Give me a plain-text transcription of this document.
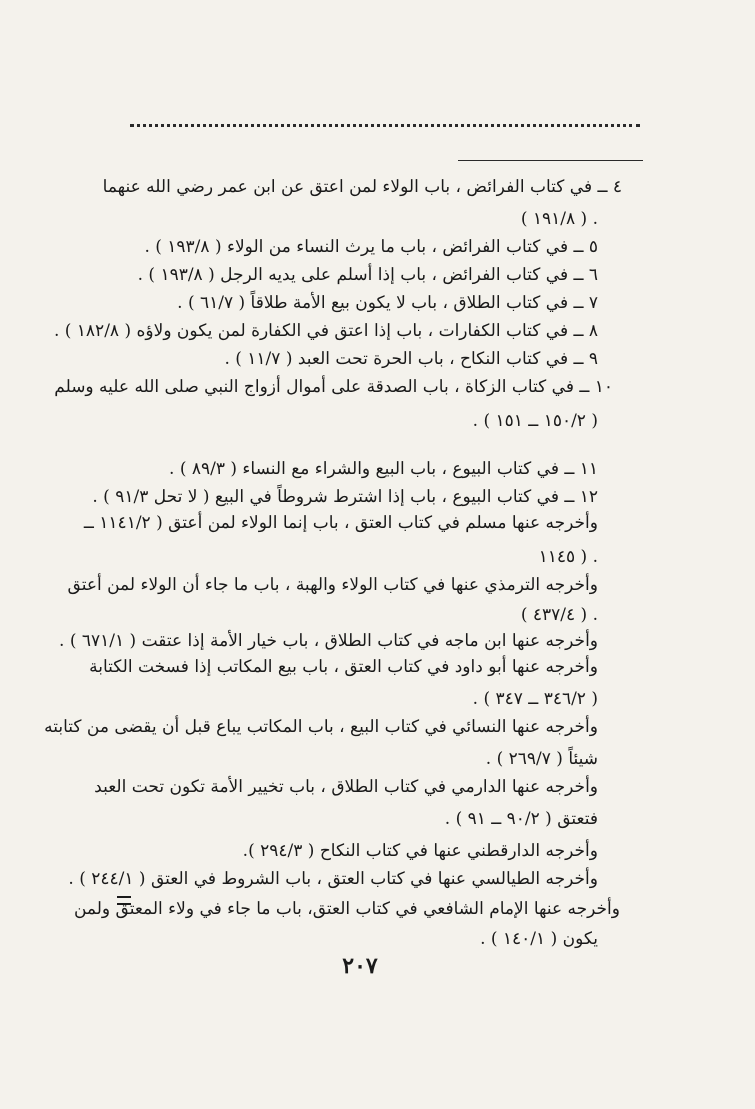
٤ ــ في كتاب الفرائض ، باب الولاء لمن اعتق عن ابن عمر رضي الله عنهما
( ١٩١/٨ ) .
٥ ــ في كتاب الفرائض ، باب ما يرث النساء من الولاء ( ١٩٣/٨ ) .
٦ ــ في كتاب الفرائض ، باب إذا أسلم على يديه الرجل ( ١٩٣/٨ ) .
٧ ــ في كتاب الطلاق ، باب لا يكون بيع الأمة طلاقاً ( ٦١/٧ ) .
٨ ــ في كتاب الكفارات ، باب إذا اعتق في الكفارة لمن يكون ولاؤه ( ١٨٢/٨ ) .
٩ ــ في كتاب النكاح ، باب الحرة تحت العبد ( ١١/٧ ) .
١٠ ــ في كتاب الزكاة ، باب الصدقة على أموال أزواج النبي صلى الله عليه وسلم
( ١٥٠/٢ ــ ١٥١ ) .
١١ ــ في كتاب البيوع ، باب البيع والشراء مع النساء ( ٨٩/٣ ) .
١٢ ــ في كتاب البيوع ، باب إذا اشترط شروطاً في البيع ( لا تحل ٩١/٣ ) .
وأخرجه عنها مسلم في كتاب العتق ، باب إنما الولاء لمن أعتق ( ١١٤١/٢ ــ
١١٤٥ ) .
وأخرجه الترمذي عنها في كتاب الولاء والهبة ، باب ما جاء أن الولاء لمن أعتق
( ٤٣٧/٤ ) .
وأخرجه عنها ابن ماجه في كتاب الطلاق ، باب خيار الأمة إذا عتقت ( ٦٧١/١ ) .
وأخرجه عنها أبو داود في كتاب العتق ، باب بيع المكاتب إذا فسخت الكتابة
( ٣٤٦/٢ ــ ٣٤٧ ) .
وأخرجه عنها النسائي في كتاب البيع ، باب المكاتب يباع قبل أن يقضى من كتابته
شيئاً ( ٢٦٩/٧ ) .
وأخرجه عنها الدارمي في كتاب الطلاق ، باب تخيير الأمة تكون تحت العبد
فتعتق ( ٩٠/٢ ــ ٩١ ) .
وأخرجه الدارقطني عنها في كتاب النكاح ( ٢٩٤/٣ ).
وأخرجه الطيالسي عنها في كتاب العتق ، باب الشروط في العتق ( ٢٤٤/١ ) .
وأخرجه عنها الإمام الشافعي في كتاب العتق، باب ما جاء في ولاء المعتق ولمن
يكون ( ١٤٠/١ ) .
٢٠٧
